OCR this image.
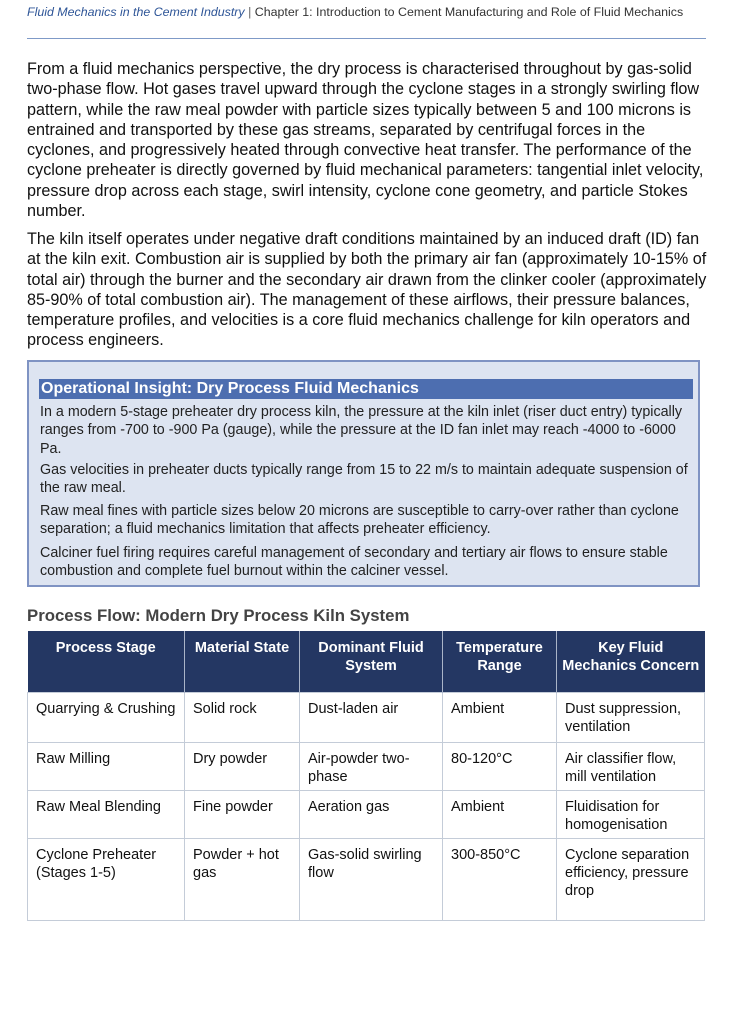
Fluid Mechanics in the Cement Industry | Chapter 1: Introduction to Cement Manufacturing and Role of Fluid Mechanics

From a fluid mechanics perspective, the dry process is characterised throughout by gas-solid two-phase flow. Hot gases travel upward through the cyclone stages in a strongly swirling flow pattern, while the raw meal powder with particle sizes typically between 5 and 100 microns is entrained and transported by these gas streams, separated by centrifugal forces in the cyclones, and progressively heated through convective heat transfer. The performance of the cyclone preheater is directly governed by fluid mechanical parameters: tangential inlet velocity, pressure drop across each stage, swirl intensity, cyclone cone geometry, and particle Stokes number.

The kiln itself operates under negative draft conditions maintained by an induced draft (ID) fan at the kiln exit. Combustion air is supplied by both the primary air fan (approximately 10-15% of total air) through the burner and the secondary air drawn from the clinker cooler (approximately 85-90% of total combustion air). The management of these airflows, their pressure balances, temperature profiles, and velocities is a core fluid mechanics challenge for kiln operators and process engineers.

Operational Insight: Dry Process Fluid Mechanics

In a modern 5-stage preheater dry process kiln, the pressure at the kiln inlet (riser duct entry) typically ranges from -700 to -900 Pa (gauge), while the pressure at the ID fan inlet may reach -4000 to -6000 Pa.

Gas velocities in preheater ducts typically range from 15 to 22 m/s to maintain adequate suspension of the raw meal.

Raw meal fines with particle sizes below 20 microns are susceptible to carry-over rather than cyclone separation; a fluid mechanics limitation that affects preheater efficiency.

Calciner fuel firing requires careful management of secondary and tertiary air flows to ensure stable combustion and complete fuel burnout within the calciner vessel.

Process Flow: Modern Dry Process Kiln System

Process Stage	Material State	Dominant Fluid System	Temperature Range	Key Fluid Mechanics Concern
Quarrying & Crushing	Solid rock	Dust-laden air	Ambient	Dust suppression, ventilation
Raw Milling	Dry powder	Air-powder two-phase	80-120°C	Air classifier flow, mill ventilation
Raw Meal Blending	Fine powder	Aeration gas	Ambient	Fluidisation for homogenisation
Cyclone Preheater (Stages 1-5)	Powder + hot gas	Gas-solid swirling flow	300-850°C	Cyclone separation efficiency, pressure drop
